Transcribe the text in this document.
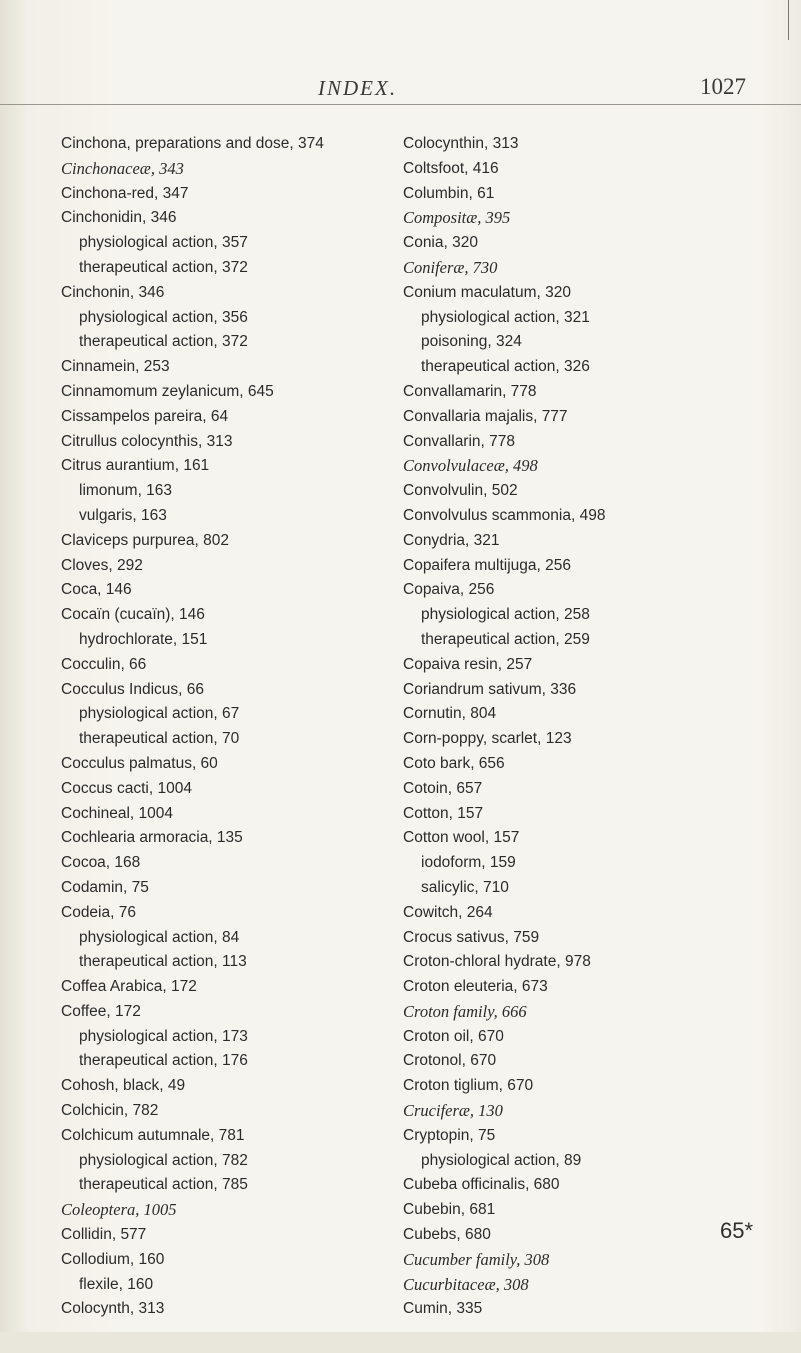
INDEX.	1027
Cinchona, preparations and dose, 374
Cinchonaceæ, 343
Cinchona-red, 347
Cinchonidin, 346
physiological action, 357
therapeutical action, 372
Cinchonin, 346
physiological action, 356
therapeutical action, 372
Cinnamein, 253
Cinnamomum zeylanicum, 645
Cissampelos pareira, 64
Citrullus colocynthis, 313
Citrus aurantium, 161
limonum, 163
vulgaris, 163
Claviceps purpurea, 802
Cloves, 292
Coca, 146
Cocaïn (cucaïn), 146
hydrochlorate, 151
Cocculin, 66
Cocculus Indicus, 66
physiological action, 67
therapeutical action, 70
Cocculus palmatus, 60
Coccus cacti, 1004
Cochineal, 1004
Cochlearia armoracia, 135
Cocoa, 168
Codamin, 75
Codeia, 76
physiological action, 84
therapeutical action, 113
Coffea Arabica, 172
Coffee, 172
physiological action, 173
therapeutical action, 176
Cohosh, black, 49
Colchicin, 782
Colchicum autumnale, 781
physiological action, 782
therapeutical action, 785
Coleoptera, 1005
Collidin, 577
Collodium, 160
flexile, 160
Colocynth, 313
Colocynthin, 313
Coltsfoot, 416
Columbin, 61
Compositæ, 395
Conia, 320
Coniferæ, 730
Conium maculatum, 320
physiological action, 321
poisoning, 324
therapeutical action, 326
Convallamarin, 778
Convallaria majalis, 777
Convallarin, 778
Convolvulaceæ, 498
Convolvulin, 502
Convolvulus scammonia, 498
Conydria, 321
Copaifera multijuga, 256
Copaiva, 256
physiological action, 258
therapeutical action, 259
Copaiva resin, 257
Coriandrum sativum, 336
Cornutin, 804
Corn-poppy, scarlet, 123
Coto bark, 656
Cotoin, 657
Cotton, 157
Cotton wool, 157
iodoform, 159
salicylic, 710
Cowitch, 264
Crocus sativus, 759
Croton-chloral hydrate, 978
Croton eleuteria, 673
Croton family, 666
Croton oil, 670
Crotonol, 670
Croton tiglium, 670
Cruciferæ, 130
Cryptopin, 75
physiological action, 89
Cubeba officinalis, 680
Cubebin, 681
Cubebs, 680
Cucumber family, 308
Cucurbitaceæ, 308
Cumin, 335
65*
